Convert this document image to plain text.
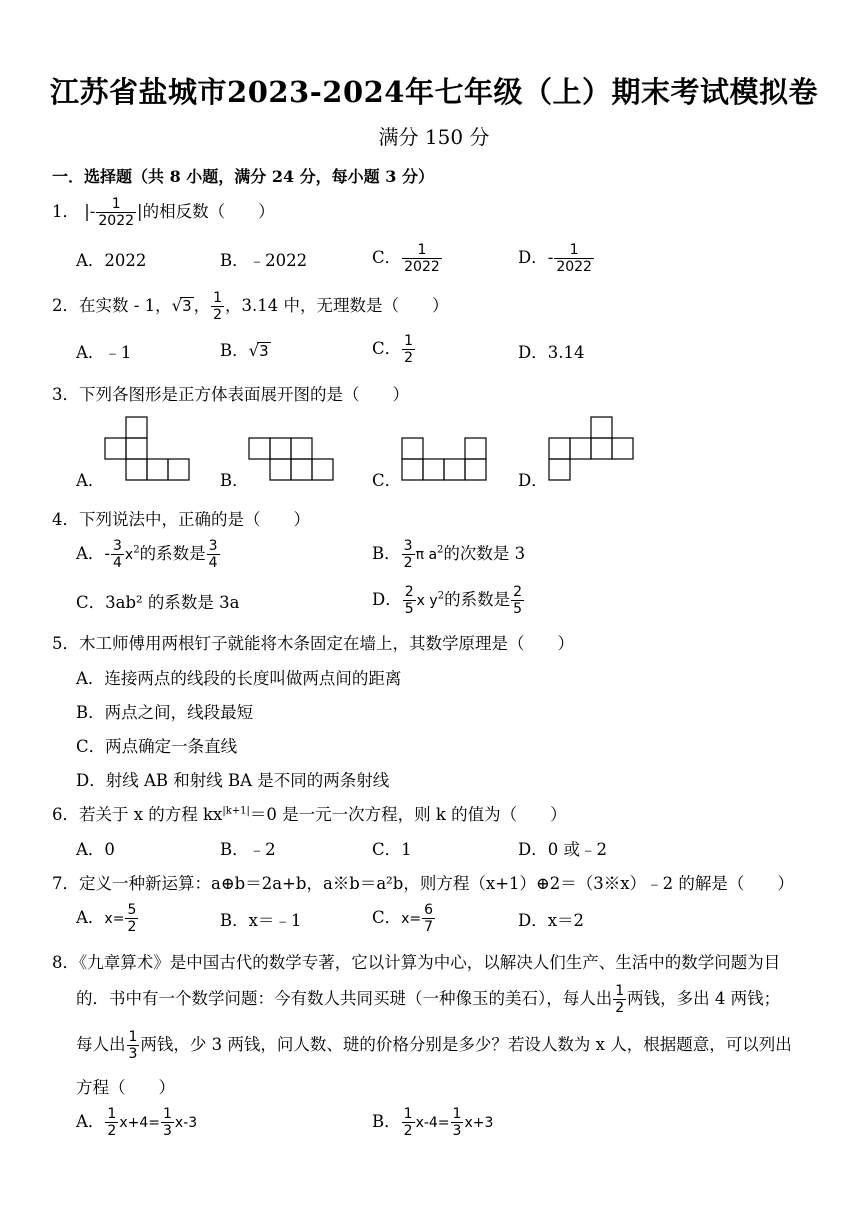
江苏省盐城市2023-2024年七年级（上）期末考试模拟卷
满分 150 分
一．选择题（共 8 小题，满分 24 分，每小题 3 分）
1． |- $\frac{1}{2022}$ |的相反数（　　）
A．2022	B．﹣2022	C． $\frac{1}{2022}$	D．- $\frac{1}{2022}$
2．在实数 - 1，√3 ， $\frac{1}{2}$ ，3.14 中，无理数是（　　）
A．﹣1	B．√3	C． $\frac{1}{2}$	D．3.14
3．下列各图形是正方体表面展开图的是（　　）
A．	B．	C．	D．
4．下列说法中，正确的是（　　）
A．- $\frac{3}{4} x^2$的系数是 $\frac{3}{4}$	B． $\frac{3}{2}$ π $a^2$的次数是 3
C．3ab² 的系数是 3a	D． $\frac{2}{5}$ x $y^2$的系数是 $\frac{2}{5}$
5．木工师傅用两根钉子就能将木条固定在墙上，其数学原理是（　　）
A．连接两点的线段的长度叫做两点间的距离
B．两点之间，线段最短
C．两点确定一条直线
D．射线 AB 和射线 BA 是不同的两条射线
6．若关于 x 的方程 $kx^{|k+1|}=0$ 是一元一次方程，则 k 的值为（　　）
A．0	B．﹣2	C．1	D．0 或﹣2
7．定义一种新运算：a⊕b＝2a+b，a※b＝a²b，则方程（x+1）⊕2＝（3※x）﹣2 的解是（　　）
A．$x= \frac{5}{2}$	B．x＝﹣1	C．$x= \frac{6}{7}$	D．x＝2
8．《九章算术》是中国古代的数学专著，它以计算为中心，以解决人们生产、生活中的数学问题为目
的．书中有一个数学问题：今有数人共同买琎（一种像玉的美石），每人出 $\frac{1}{2}$ 两钱，多出 4 两钱；
每人出 $\frac{1}{3}$ 两钱，少 3 两钱，问人数、琎的价格分别是多少？若设人数为 x 人，根据题意，可以列出
方程（　　）
A． $\frac{1}{2} x+4= \frac{1}{3} x-3$	B． $\frac{1}{2} x-4= \frac{1}{3} x+3$
